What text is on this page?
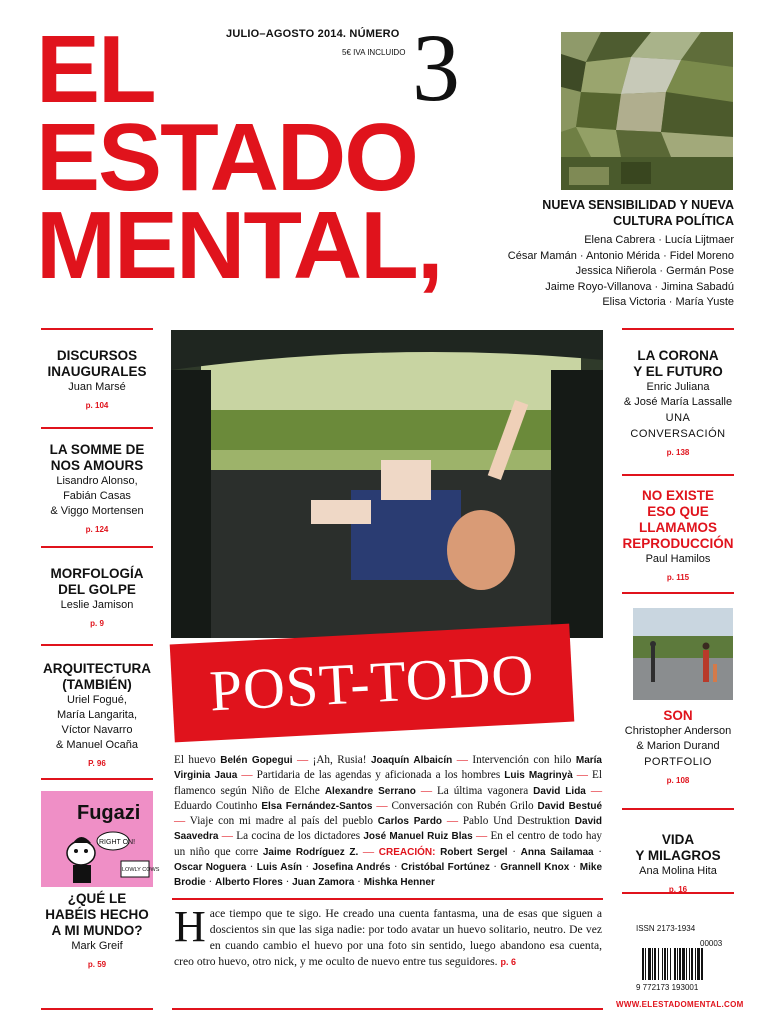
EL
ESTADO
MENTAL,
JULIO–AGOSTO 2014. NÚMERO
5€ IVA INCLUIDO 3
NUEVA SENSIBILIDAD Y NUEVA CULTURA POLÍTICA
Elena Cabrera · Lucía Lijtmaer
César Mamán · Antonio Mérida · Fidel Moreno
Jessica Niñerola · Germán Pose
Jaime Royo-Villanova · Jimina Sabadú
Elisa Victoria · María Yuste
DISCURSOS
INAUGURALES
Juan Marsé
p. 104
LA SOMME DE
NOS AMOURS
Lisandro Alonso,
Fabián Casas
& Viggo Mortensen
p. 124
MORFOLOGÍA
DEL GOLPE
Leslie Jamison
p. 9
ARQUITECTURA
(TAMBIÉN)
Uriel Fogué,
María Langarita,
Víctor Navarro
& Manuel Ocaña
P. 96
Fugazi
RIGHT ON!
LOWLY COWS
¿QUÉ LE
HABÉIS HECHO
A MI MUNDO?
Mark Greif
p. 59
LA CORONA
Y EL FUTURO
Enric Juliana
& José María Lassalle
UNA
CONVERSACIÓN
p. 138
NO EXISTE
ESO QUE
LLAMAMOS
REPRODUCCIÓN
Paul Hamilos
p. 115
SON
Christopher Anderson
& Marion Durand
PORTFOLIO
p. 108
VIDA
Y MILAGROS
Ana Molina Hita
p. 16
POST-TODO
El huevo Belén Gopegui — ¡Ah, Rusia! Joaquín Albaicín — Intervención con hilo María Virginia Jaua — Partidaria de las agendas y aficionada a los hombres Luis Magrinyà — El flamenco según Niño de Elche Alexandre Serrano — La última vagonera David Lida — Eduardo Coutinho Elsa Fernández-Santos — Conversación con Rubén Grilo David Bestué — Viaje con mi madre al país del pueblo Carlos Pardo — Pablo Und Destruktion David Saavedra — La cocina de los dictadores José Manuel Ruiz Blas — En el centro de todo hay un niño que corre Jaime Rodríguez Z. — CREACIÓN: Robert Sergel · Anna Sailamaa · Oscar Noguera · Luis Asín · Josefina Andrés · Cristóbal Fortúnez · Grannell Knox · Mike Brodie · Alberto Flores · Juan Zamora · Mishka Henner
Hace tiempo que te sigo. He creado una cuenta fantasma, una de esas que siguen a doscientos sin que las siga nadie: por todo avatar un huevo solitario, neutro. De vez en cuando cambio el huevo por una foto sin sentido, luego abandono esa cuenta, creo otro huevo, otro nick, y me oculto de nuevo entre tus seguidores. p. 6
ISSN 2173-1934
00003
9 772173 193001
WWW.ELESTADOMENTAL.COM
